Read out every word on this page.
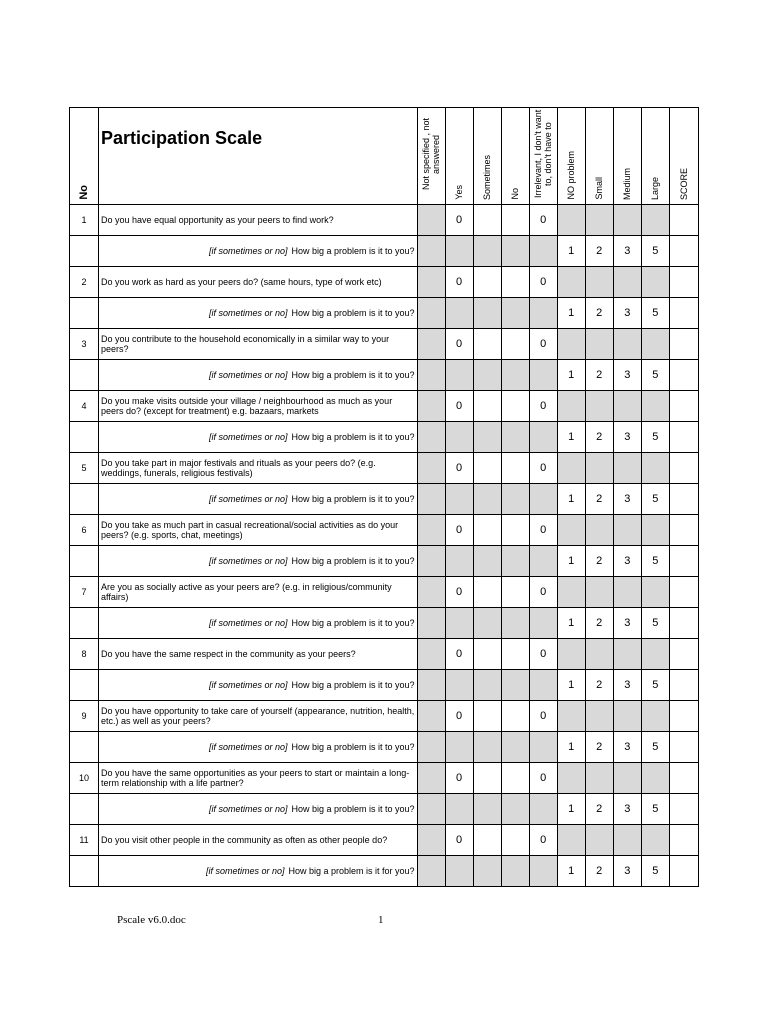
No	Participation Scale	Not specified , not answered	Yes	Sometimes	No	Irrelevant, I don't want to, don't have to	NO problem	Small	Medium	Large	SCORE

1	Do you have equal opportunity as your peers to find work?		0			0					
	[if sometimes or no] How big a problem is it to you?						1	2	3	5	
2	Do you work as hard as your peers do? (same hours, type of work etc)		0			0					
	[if sometimes or no] How big a problem is it to you?						1	2	3	5	
3	Do you contribute to the household economically in a similar way to your peers?		0			0					
	[if sometimes or no] How big a problem is it to you?						1	2	3	5	
4	Do you make visits outside your village / neighbourhood as much as your peers do? (except for treatment) e.g. bazaars, markets		0			0					
	[if sometimes or no] How big a problem is it to you?						1	2	3	5	
5	Do you take part in major festivals and rituals as your peers do? (e.g. weddings, funerals, religious festivals)		0			0					
	[if sometimes or no] How big a problem is it to you?						1	2	3	5	
6	Do you take as much part in casual recreational/social activities as do your peers? (e.g. sports, chat, meetings)		0			0					
	[if sometimes or no] How big a problem is it to you?						1	2	3	5	
7	Are you as socially active as your peers are? (e.g. in religious/community affairs)		0			0					
	[if sometimes or no] How big a problem is it to you?						1	2	3	5	
8	Do you have the same respect in the community as your peers?		0			0					
	[if sometimes or no] How big a problem is it to you?						1	2	3	5	
9	Do you have opportunity to take care of yourself (appearance, nutrition, health, etc.) as well as your peers?		0			0					
	[if sometimes or no] How big a problem is it to you?						1	2	3	5	
10	Do you have the same opportunities as your peers to start or maintain a long-term relationship with a life partner?		0			0					
	[if sometimes or no] How big a problem is it to you?						1	2	3	5	
11	Do you visit other people in the community as often as other people do?		0			0					
	[if sometimes or no] How big a problem is it for you?						1	2	3	5	
Pscale v6.0.doc	1
